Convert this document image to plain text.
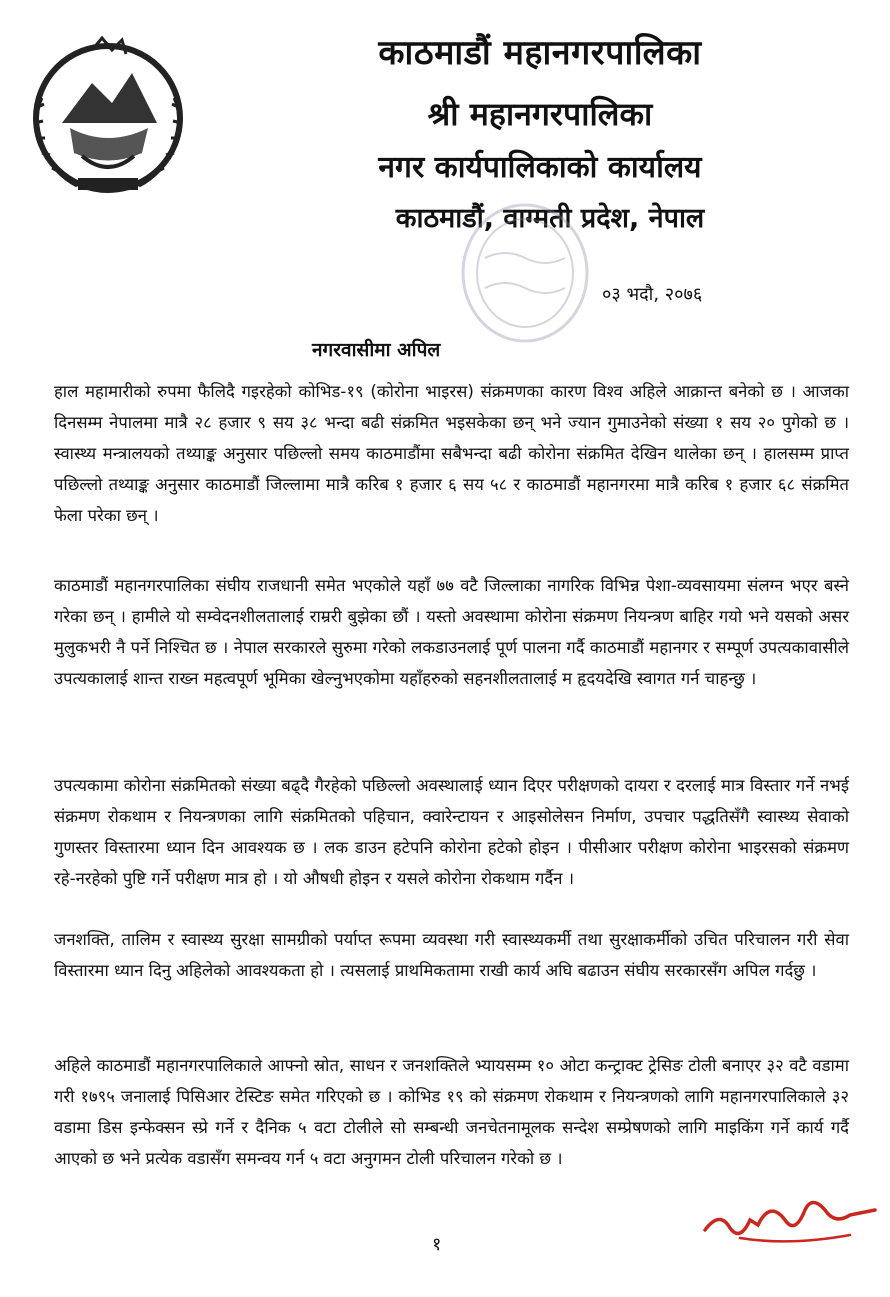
काठमाडौं महानगरपालिका
श्री महानगरपालिका
नगर कार्यपालिकाको कार्यालय
काठमाडौं, वाग्मती प्रदेश, नेपाल
०३ भदौ, २०७६
नगरवासीमा अपिल

हाल महामारीको रुपमा फैलिदै गइरहेको कोभिड-१९ (कोरोना भाइरस) संक्रमणका कारण विश्व अहिले आक्रान्त बनेको छ । आजका दिनसम्म नेपालमा मात्रै २८ हजार ९ सय ३८ भन्दा बढी संक्रमित भइसकेका छन् भने ज्यान गुमाउनेको संख्या १ सय २० पुगेको छ । स्वास्थ्य मन्त्रालयको तथ्याङ्क अनुसार पछिल्लो समय काठमाडौंमा सबैभन्दा बढी कोरोना संक्रमित देखिन थालेका छन् । हालसम्म प्राप्त पछिल्लो तथ्याङ्क अनुसार काठमाडौं जिल्लामा मात्रै करिब १ हजार ६ सय ५८ र काठमाडौं महानगरमा मात्रै करिब १ हजार ६८ संक्रमित फेला परेका छन् ।

काठमाडौं महानगरपालिका संघीय राजधानी समेत भएकोले यहाँ ७७ वटै जिल्लाका नागरिक विभिन्न पेशा-व्यवसायमा संलग्न भएर बस्ने गरेका छन् । हामीले यो सम्वेदनशीलतालाई राम्ररी बुझेका छौं । यस्तो अवस्थामा कोरोना संक्रमण नियन्त्रण बाहिर गयो भने यसको असर मुलुकभरी नै पर्ने निश्चित छ । नेपाल सरकारले सुरुमा गरेको लकडाउनलाई पूर्ण पालना गर्दै काठमाडौं महानगर र सम्पूर्ण उपत्यकावासीले उपत्यकालाई शान्त राख्न महत्वपूर्ण भूमिका खेल्नुभएकोमा यहाँहरुको सहनशीलतालाई म हृदयदेखि स्वागत गर्न चाहन्छु ।

उपत्यकामा कोरोना संक्रमितको संख्या बढ्दै गैरहेको पछिल्लो अवस्थालाई ध्यान दिएर परीक्षणको दायरा र दरलाई मात्र विस्तार गर्ने नभई संक्रमण रोकथाम र नियन्त्रणका लागि संक्रमितको पहिचान, क्वारेन्टायन र आइसोलेसन निर्माण, उपचार पद्धतिसँगै स्वास्थ्य सेवाको गुणस्तर विस्तारमा ध्यान दिन आवश्यक छ । लक डाउन हटेपनि कोरोना हटेको होइन । पीसीआर परीक्षण कोरोना भाइरसको संक्रमण रहे-नरहेको पुष्टि गर्ने परीक्षण मात्र हो । यो औषधी होइन र यसले कोरोना रोकथाम गर्दैन ।

जनशक्ति, तालिम र स्वास्थ्य सुरक्षा सामग्रीको पर्याप्त रूपमा व्यवस्था गरी स्वास्थ्यकर्मी तथा सुरक्षाकर्मीको उचित परिचालन गरी सेवा विस्तारमा ध्यान दिनु अहिलेको आवश्यकता हो । त्यसलाई प्राथमिकतामा राखी कार्य अघि बढाउन संघीय सरकारसँग अपिल गर्दछु ।

अहिले काठमाडौं महानगरपालिकाले आफ्नो स्रोत, साधन र जनशक्तिले भ्यायसम्म १० ओटा कन्ट्राक्ट ट्रेसिङ टोली बनाएर ३२ वटै वडामा गरी १७९५ जनालाई पिसिआर टेस्टिङ समेत गरिएको छ । कोभिड १९ को संक्रमण रोकथाम र नियन्त्रणको लागि महानगरपालिकाले ३२ वडामा डिस इन्फेक्सन स्प्रे गर्ने र दैनिक ५ वटा टोलीले सो सम्बन्धी जनचेतनामूलक सन्देश सम्प्रेषणको लागि माइकिंग गर्ने कार्य गर्दै आएको छ भने प्रत्येक वडासँग समन्वय गर्न ५ वटा अनुगमन टोली परिचालन गरेको छ ।

१
